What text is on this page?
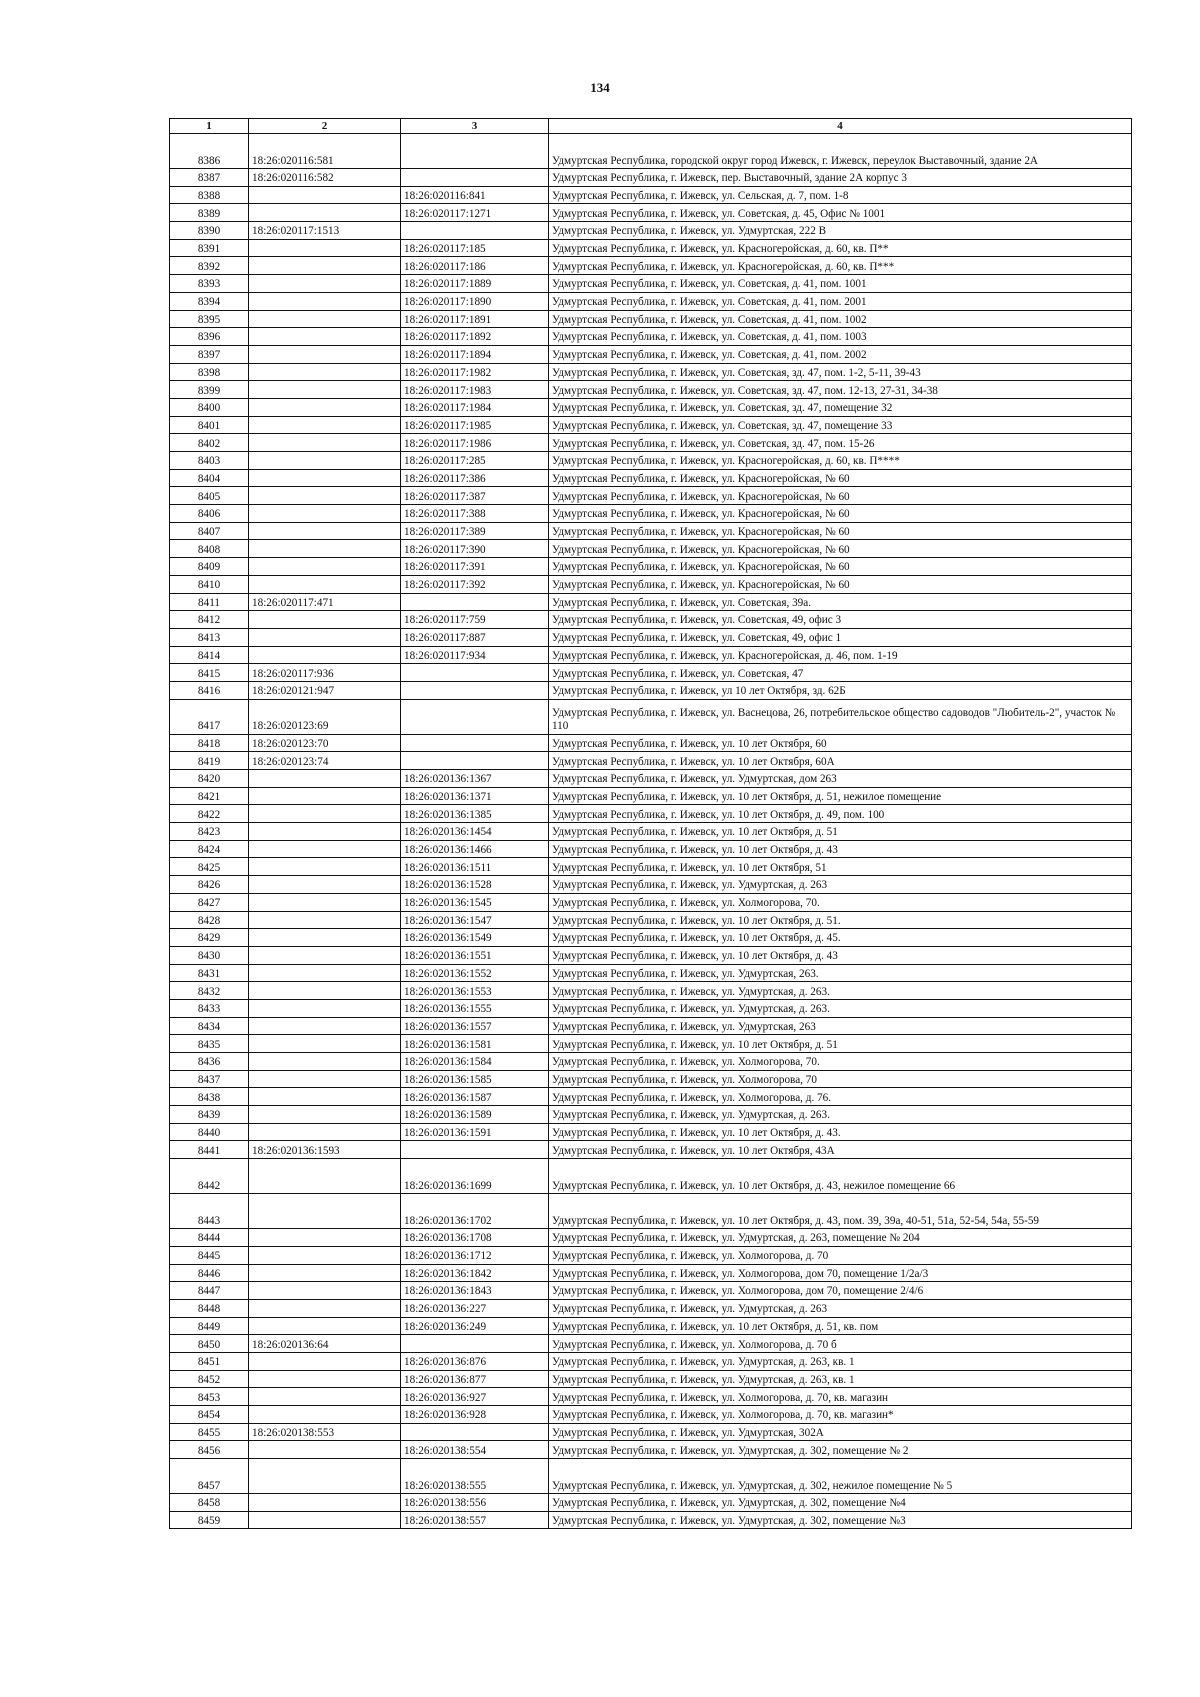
134
1	2	3	4
8386	18:26:020116:581		Удмуртская Республика, городской округ город Ижевск, г. Ижевск, переулок Выставочный, здание 2А
8387	18:26:020116:582		Удмуртская Республика, г. Ижевск, пер. Выставочный, здание 2А корпус 3
8388		18:26:020116:841	Удмуртская Республика, г. Ижевск, ул. Сельская, д. 7, пом. 1-8
8389		18:26:020117:1271	Удмуртская Республика, г. Ижевск, ул. Советская, д. 45, Офис № 1001
8390	18:26:020117:1513		Удмуртская Республика, г. Ижевск, ул. Удмуртская, 222 В
8391		18:26:020117:185	Удмуртская Республика, г. Ижевск, ул. Красногеройская, д. 60, кв. П**
8392		18:26:020117:186	Удмуртская Республика, г. Ижевск, ул. Красногеройская, д. 60, кв. П***
8393		18:26:020117:1889	Удмуртская Республика, г. Ижевск, ул. Советская, д. 41, пом. 1001
8394		18:26:020117:1890	Удмуртская Республика, г. Ижевск, ул. Советская, д. 41, пом. 2001
8395		18:26:020117:1891	Удмуртская Республика, г. Ижевск, ул. Советская, д. 41, пом. 1002
8396		18:26:020117:1892	Удмуртская Республика, г. Ижевск, ул. Советская, д. 41, пом. 1003
8397		18:26:020117:1894	Удмуртская Республика, г. Ижевск, ул. Советская, д. 41, пом. 2002
8398		18:26:020117:1982	Удмуртская Республика, г. Ижевск, ул. Советская, зд. 47, пом. 1-2, 5-11, 39-43
8399		18:26:020117:1983	Удмуртская Республика, г. Ижевск, ул. Советская, зд. 47, пом. 12-13, 27-31, 34-38
8400		18:26:020117:1984	Удмуртская Республика, г. Ижевск, ул. Советская, зд. 47, помещение 32
8401		18:26:020117:1985	Удмуртская Республика, г. Ижевск, ул. Советская, зд. 47, помещение 33
8402		18:26:020117:1986	Удмуртская Республика, г. Ижевск, ул. Советская, зд. 47, пом. 15-26
8403		18:26:020117:285	Удмуртская Республика, г. Ижевск, ул. Красногеройская, д. 60, кв. П****
8404		18:26:020117:386	Удмуртская Республика, г. Ижевск, ул. Красногеройская, № 60
8405		18:26:020117:387	Удмуртская Республика, г. Ижевск, ул. Красногеройская, № 60
8406		18:26:020117:388	Удмуртская Республика, г. Ижевск, ул. Красногеройская, № 60
8407		18:26:020117:389	Удмуртская Республика, г. Ижевск, ул. Красногеройская, № 60
8408		18:26:020117:390	Удмуртская Республика, г. Ижевск, ул. Красногеройская, № 60
8409		18:26:020117:391	Удмуртская Республика, г. Ижевск, ул. Красногеройская, № 60
8410		18:26:020117:392	Удмуртская Республика, г. Ижевск, ул. Красногеройская, № 60
8411	18:26:020117:471		Удмуртская Республика, г. Ижевск, ул. Советская, 39а.
8412		18:26:020117:759	Удмуртская Республика, г. Ижевск, ул. Советская, 49, офис 3
8413		18:26:020117:887	Удмуртская Республика, г. Ижевск, ул. Советская, 49, офис 1
8414		18:26:020117:934	Удмуртская Республика, г. Ижевск, ул. Красногеройская, д. 46, пом. 1-19
8415	18:26:020117:936		Удмуртская Республика, г. Ижевск, ул. Советская, 47
8416	18:26:020121:947		Удмуртская Республика, г. Ижевск, ул 10 лет Октября, зд. 62Б
8417	18:26:020123:69		Удмуртская Республика, г. Ижевск, ул. Васнецова, 26, потребительское общество садоводов "Любитель-2", участок № 110
8418	18:26:020123:70		Удмуртская Республика, г. Ижевск, ул. 10 лет Октября, 60
8419	18:26:020123:74		Удмуртская Республика, г. Ижевск, ул. 10 лет Октября, 60А
8420		18:26:020136:1367	Удмуртская Республика, г. Ижевск, ул. Удмуртская, дом 263
8421		18:26:020136:1371	Удмуртская Республика, г. Ижевск, ул. 10 лет Октября, д. 51, нежилое помещение
8422		18:26:020136:1385	Удмуртская Республика, г. Ижевск, ул. 10 лет Октября, д. 49, пом. 100
8423		18:26:020136:1454	Удмуртская Республика, г. Ижевск, ул. 10 лет Октября, д. 51
8424		18:26:020136:1466	Удмуртская Республика, г. Ижевск, ул. 10 лет Октября, д. 43
8425		18:26:020136:1511	Удмуртская Республика, г. Ижевск, ул. 10 лет Октября, 51
8426		18:26:020136:1528	Удмуртская Республика, г. Ижевск, ул. Удмуртская, д. 263
8427		18:26:020136:1545	Удмуртская Республика, г. Ижевск, ул. Холмогорова, 70.
8428		18:26:020136:1547	Удмуртская Республика, г. Ижевск, ул. 10 лет Октября, д. 51.
8429		18:26:020136:1549	Удмуртская Республика, г. Ижевск, ул. 10 лет Октября, д. 45.
8430		18:26:020136:1551	Удмуртская Республика, г. Ижевск, ул. 10 лет Октября, д. 43
8431		18:26:020136:1552	Удмуртская Республика, г. Ижевск, ул. Удмуртская, 263.
8432		18:26:020136:1553	Удмуртская Республика, г. Ижевск, ул. Удмуртская, д. 263.
8433		18:26:020136:1555	Удмуртская Республика, г. Ижевск, ул. Удмуртская, д. 263.
8434		18:26:020136:1557	Удмуртская Республика, г. Ижевск, ул. Удмуртская, 263
8435		18:26:020136:1581	Удмуртская Республика, г. Ижевск, ул. 10 лет Октября, д. 51
8436		18:26:020136:1584	Удмуртская Республика, г. Ижевск, ул. Холмогорова, 70.
8437		18:26:020136:1585	Удмуртская Республика, г. Ижевск, ул. Холмогорова, 70
8438		18:26:020136:1587	Удмуртская Республика, г. Ижевск, ул. Холмогорова, д. 76.
8439		18:26:020136:1589	Удмуртская Республика, г. Ижевск, ул. Удмуртская, д. 263.
8440		18:26:020136:1591	Удмуртская Республика, г. Ижевск, ул. 10 лет Октября, д. 43.
8441	18:26:020136:1593		Удмуртская Республика, г. Ижевск, ул. 10 лет Октября, 43А
8442		18:26:020136:1699	Удмуртская Республика, г. Ижевск, ул. 10 лет Октября, д. 43, нежилое помещение 66
8443		18:26:020136:1702	Удмуртская Республика, г. Ижевск, ул. 10 лет Октября, д. 43, пом. 39, 39а, 40-51, 51а, 52-54, 54а, 55-59
8444		18:26:020136:1708	Удмуртская Республика, г. Ижевск, ул. Удмуртская, д. 263, помещение № 204
8445		18:26:020136:1712	Удмуртская Республика, г. Ижевск, ул. Холмогорова, д. 70
8446		18:26:020136:1842	Удмуртская Республика, г. Ижевск, ул. Холмогорова, дом 70, помещение 1/2а/3
8447		18:26:020136:1843	Удмуртская Республика, г. Ижевск, ул. Холмогорова, дом 70, помещение 2/4/6
8448		18:26:020136:227	Удмуртская Республика, г. Ижевск, ул. Удмуртская, д. 263
8449		18:26:020136:249	Удмуртская Республика, г. Ижевск, ул. 10 лет Октября, д. 51, кв. пом
8450	18:26:020136:64		Удмуртская Республика, г. Ижевск, ул. Холмогорова, д. 70 б
8451		18:26:020136:876	Удмуртская Республика, г. Ижевск, ул. Удмуртская, д. 263, кв. 1
8452		18:26:020136:877	Удмуртская Республика, г. Ижевск, ул. Удмуртская, д. 263, кв. 1
8453		18:26:020136:927	Удмуртская Республика, г. Ижевск, ул. Холмогорова, д. 70, кв. магазин
8454		18:26:020136:928	Удмуртская Республика, г. Ижевск, ул. Холмогорова, д. 70, кв. магазин*
8455	18:26:020138:553		Удмуртская Республика, г. Ижевск, ул. Удмуртская, 302А
8456		18:26:020138:554	Удмуртская Республика, г. Ижевск, ул. Удмуртская, д. 302, помещение № 2
8457		18:26:020138:555	Удмуртская Республика, г. Ижевск, ул. Удмуртская, д. 302, нежилое помещение № 5
8458		18:26:020138:556	Удмуртская Республика, г. Ижевск, ул. Удмуртская, д. 302, помещение №4
8459		18:26:020138:557	Удмуртская Республика, г. Ижевск, ул. Удмуртская, д. 302, помещение №3
